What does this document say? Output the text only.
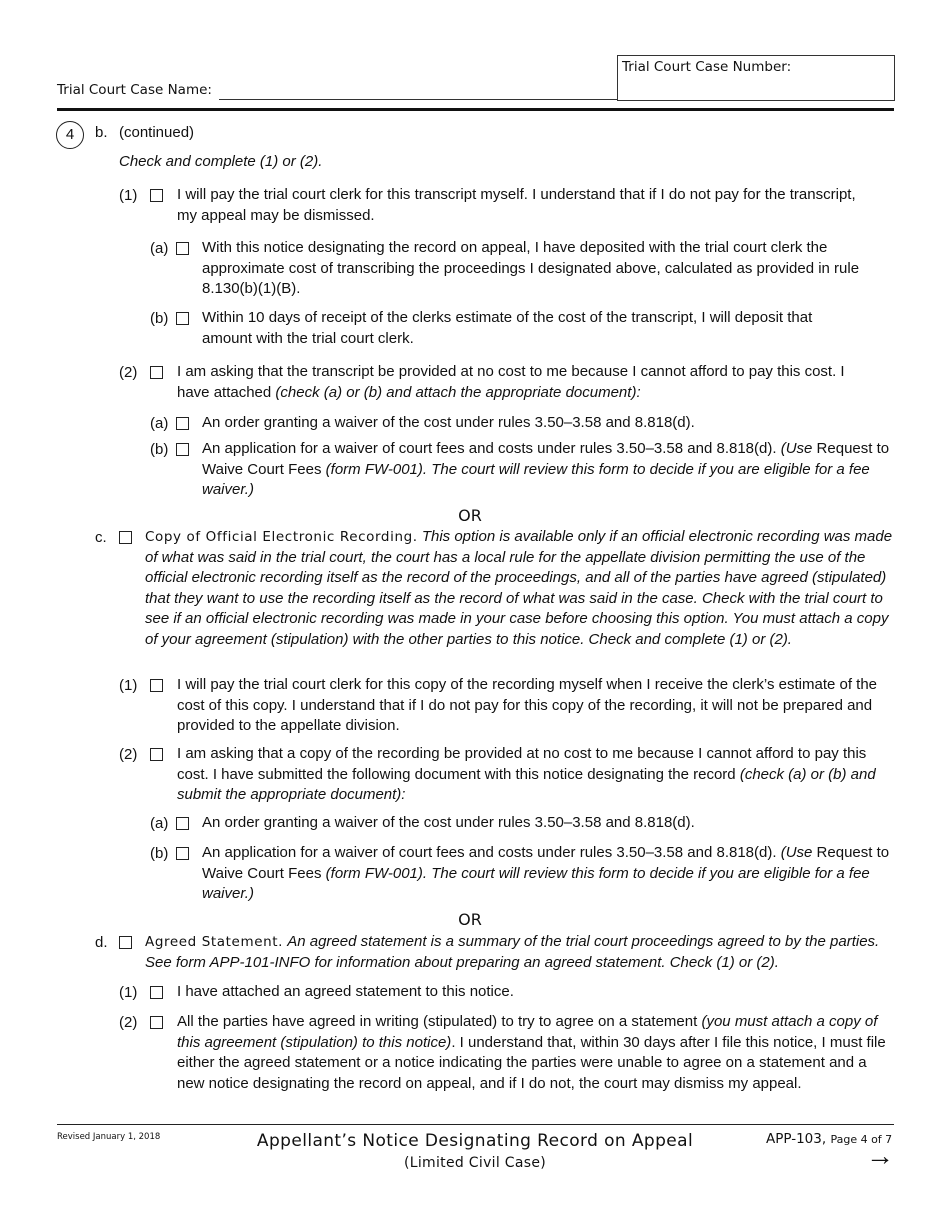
Trial Court Case Name:
Trial Court Case Number:
4	b. (continued)
Check and complete (1) or (2).
(1)	I will pay the trial court clerk for this transcript myself. I understand that if I do not pay for the transcript, my appeal may be dismissed.
(a) With this notice designating the record on appeal, I have deposited with the trial court clerk the approximate cost of transcribing the proceedings I designated above, calculated as provided in rule 8.130(b)(1)(B).
(b) Within 10 days of receipt of the clerks estimate of the cost of the transcript, I will deposit that amount with the trial court clerk.
(2)	I am asking that the transcript be provided at no cost to me because I cannot afford to pay this cost. I have attached (check (a) or (b) and attach the appropriate document):
(a) An order granting a waiver of the cost under rules 3.50–3.58 and 8.818(d).
(b) An application for a waiver of court fees and costs under rules 3.50–3.58 and 8.818(d). (Use Request to Waive Court Fees (form FW-001). The court will review this form to decide if you are eligible for a fee waiver.)
OR
c.	Copy of Official Electronic Recording. This option is available only if an official electronic recording was made of what was said in the trial court, the court has a local rule for the appellate division permitting the use of the official electronic recording itself as the record of the proceedings, and all of the parties have agreed (stipulated) that they want to use the recording itself as the record of what was said in the case. Check with the trial court to see if an official electronic recording was made in your case before choosing this option. You must attach a copy of your agreement (stipulation) with the other parties to this notice. Check and complete (1) or (2).
(1)	I will pay the trial court clerk for this copy of the recording myself when I receive the clerk’s estimate of the cost of this copy. I understand that if I do not pay for this copy of the recording, it will not be prepared and provided to the appellate division.
(2)	I am asking that a copy of the recording be provided at no cost to me because I cannot afford to pay this cost. I have submitted the following document with this notice designating the record (check (a) or (b) and submit the appropriate document):
(a) An order granting a waiver of the cost under rules 3.50–3.58 and 8.818(d).
(b) An application for a waiver of court fees and costs under rules 3.50–3.58 and 8.818(d). (Use Request to Waive Court Fees (form FW-001). The court will review this form to decide if you are eligible for a fee waiver.)
OR
d.	Agreed Statement. An agreed statement is a summary of the trial court proceedings agreed to by the parties. See form APP-101-INFO for information about preparing an agreed statement. Check (1) or (2).
(1)	I have attached an agreed statement to this notice.
(2)	All the parties have agreed in writing (stipulated) to try to agree on a statement (you must attach a copy of this agreement (stipulation) to this notice). I understand that, within 30 days after I file this notice, I must file either the agreed statement or a notice indicating the parties were unable to agree on a statement and a new notice designating the record on appeal, and if I do not, the court may dismiss my appeal.
Revised January 1, 2018	Appellant’s Notice Designating Record on Appeal
(Limited Civil Case)
APP-103, Page 4 of 7
→
